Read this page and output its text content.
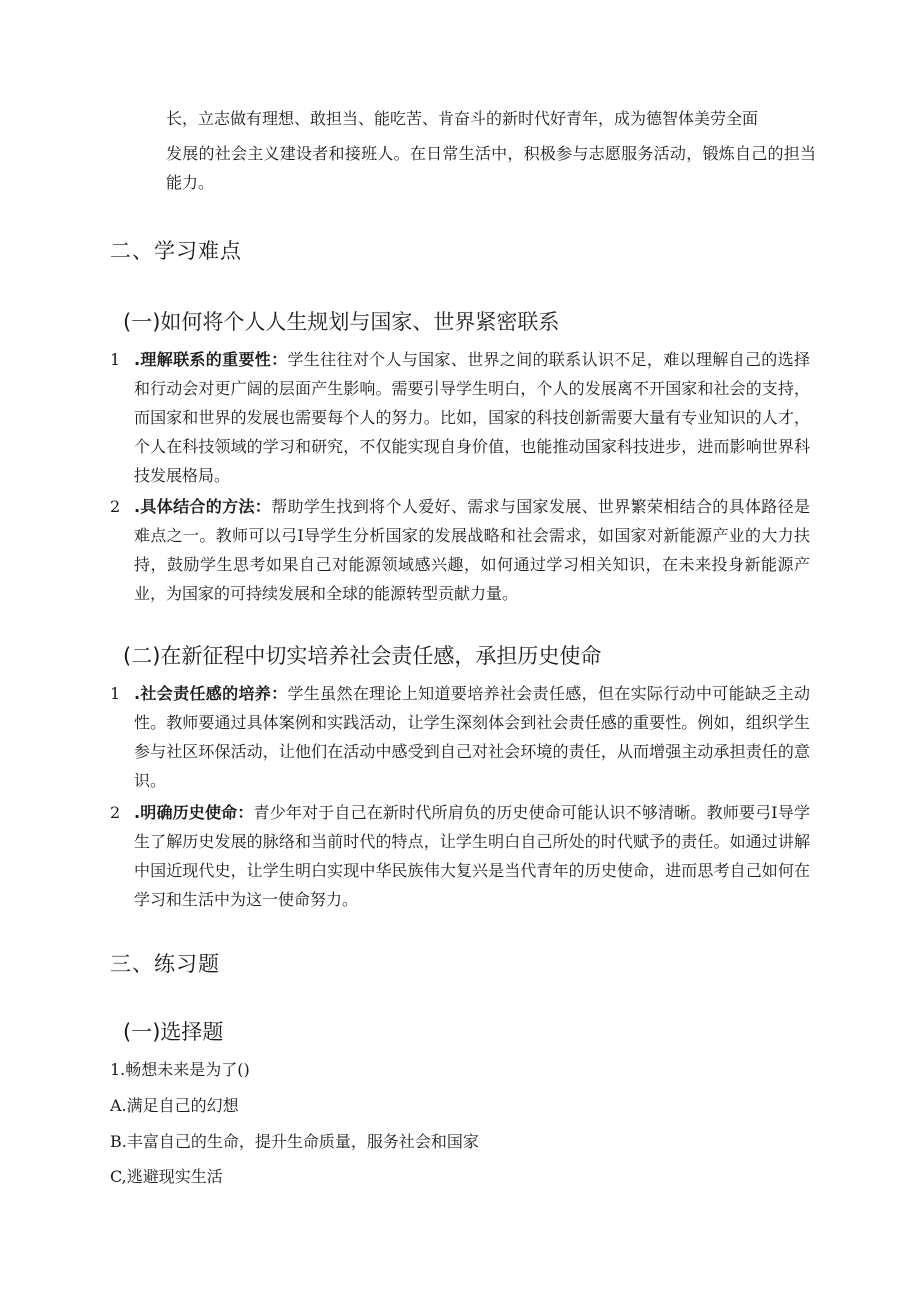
长，立志做有理想、敢担当、能吃苦、肯奋斗的新时代好青年，成为德智体美劳全面

发展的社会主义建设者和接班人。在日常生活中，积极参与志愿服务活动，锻炼自己的担当能力。

二、学习难点
(一)如何将个人人生规划与国家、世界紧密联系
1 .理解联系的重要性：学生往往对个人与国家、世界之间的联系认识不足，难以理解自己的选择和行动会对更广阔的层面产生影响。需要引导学生明白，个人的发展离不开国家和社会的支持，而国家和世界的发展也需要每个人的努力。比如，国家的科技创新需要大量有专业知识的人才，个人在科技领域的学习和研究，不仅能实现自身价值，也能推动国家科技进步，进而影响世界科技发展格局。
2 .具体结合的方法：帮助学生找到将个人爱好、需求与国家发展、世界繁荣相结合的具体路径是难点之一。教师可以弓I导学生分析国家的发展战略和社会需求，如国家对新能源产业的大力扶持，鼓励学生思考如果自己对能源领域感兴趣，如何通过学习相关知识，在未来投身新能源产业，为国家的可持续发展和全球的能源转型贡献力量。
(二)在新征程中切实培养社会责任感，承担历史使命
1 .社会责任感的培养：学生虽然在理论上知道要培养社会责任感，但在实际行动中可能缺乏主动性。教师要通过具体案例和实践活动，让学生深刻体会到社会责任感的重要性。例如，组织学生参与社区环保活动，让他们在活动中感受到自己对社会环境的责任，从而增强主动承担责任的意识。
2 .明确历史使命：青少年对于自己在新时代所肩负的历史使命可能认识不够清晰。教师要弓I导学生了解历史发展的脉络和当前时代的特点，让学生明白自己所处的时代赋予的责任。如通过讲解中国近现代史，让学生明白实现中华民族伟大复兴是当代青年的历史使命，进而思考自己如何在学习和生活中为这一使命努力。
三、练习题
(一)选择题

1.畅想未来是为了()

A.满足自己的幻想

B.丰富自己的生命，提升生命质量，服务社会和国家

C,逃避现实生活
